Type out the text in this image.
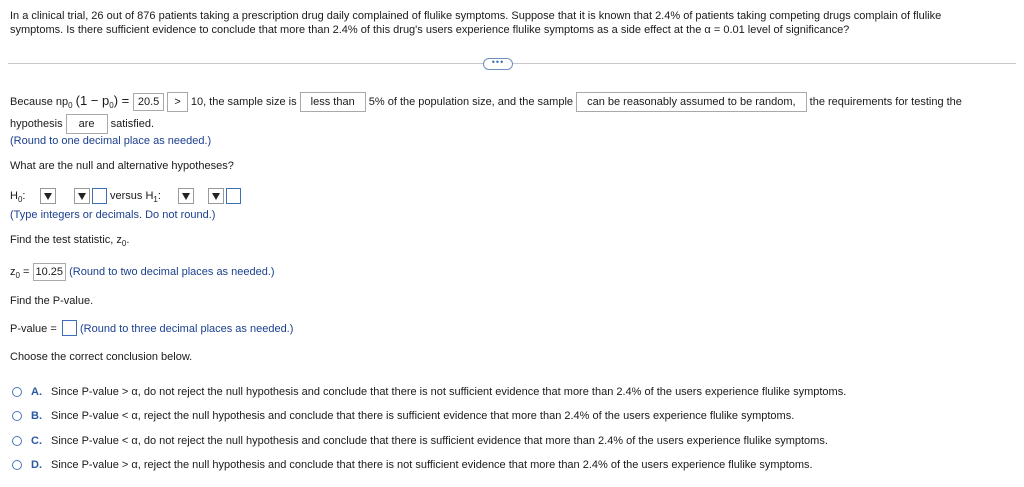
In a clinical trial, 26 out of 876 patients taking a prescription drug daily complained of flulike symptoms. Suppose that it is known that 2.4% of patients taking competing drugs complain of flulike
symptoms. Is there sufficient evidence to conclude that more than 2.4% of this drug's users experience flulike symptoms as a side effect at the α = 0.01 level of significance?
•••
Because $np_0$ $(1 - p_0) = 20.5 > 10$, the sample size is less than 5% of the population size, and the sample can be reasonably assumed to be random, the requirements for testing the
hypothesis are satisfied.
(Round to one decimal place as needed.)
What are the null and alternative hypotheses?
$H_0$:	versus $H_1$:
(Type integers or decimals. Do not round.)
Find the test statistic, $z_0$.
$z_0 = 10.25$ (Round to two decimal places as needed.)
Find the P-value.
P-value = (Round to three decimal places as needed.)
Choose the correct conclusion below.
A. Since P-value > α, do not reject the null hypothesis and conclude that there is not sufficient evidence that more than 2.4% of the users experience flulike symptoms.
B. Since P-value < α, reject the null hypothesis and conclude that there is sufficient evidence that more than 2.4% of the users experience flulike symptoms.
C. Since P-value < α, do not reject the null hypothesis and conclude that there is sufficient evidence that more than 2.4% of the users experience flulike symptoms.
D. Since P-value > α, reject the null hypothesis and conclude that there is not sufficient evidence that more than 2.4% of the users experience flulike symptoms.
